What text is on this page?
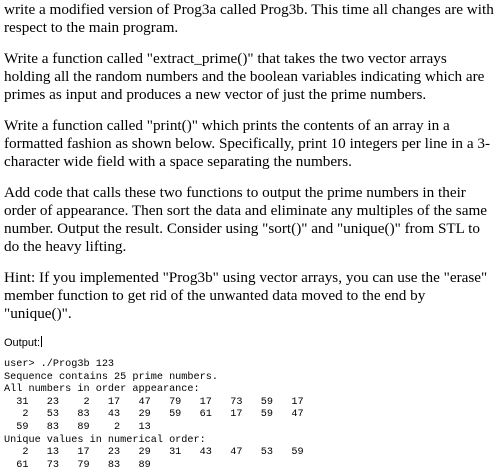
write a modified version of Prog3a called Prog3b. This time all changes are with respect to the main program.

Write a function called "extract_prime()" that takes the two vector arrays holding all the random numbers and the boolean variables indicating which are primes as input and produces a new vector of just the prime numbers.

Write a function called "print()" which prints the contents of an array in a formatted fashion as shown below. Specifically, print 10 integers per line in a 3-character wide field with a space separating the numbers.

Add code that calls these two functions to output the prime numbers in their order of appearance. Then sort the data and eliminate any multiples of the same number. Output the result. Consider using "sort()" and "unique()" from STL to do the heavy lifting.

Hint: If you implemented "Prog3b" using vector arrays, you can use the "erase" member function to get rid of the unwanted data moved to the end by "unique()".

Output:
user> ./Prog3b 123
Sequence contains 25 prime numbers.
All numbers in order appearance:
31   23    2   17   47   79   17   73   59   17
2   53   83   43   29   59   61   17   59   47
59   83   89    2   13
Unique values in numerical order:
2   13   17   23   29   31   43   47   53   59
61   73   79   83   89
